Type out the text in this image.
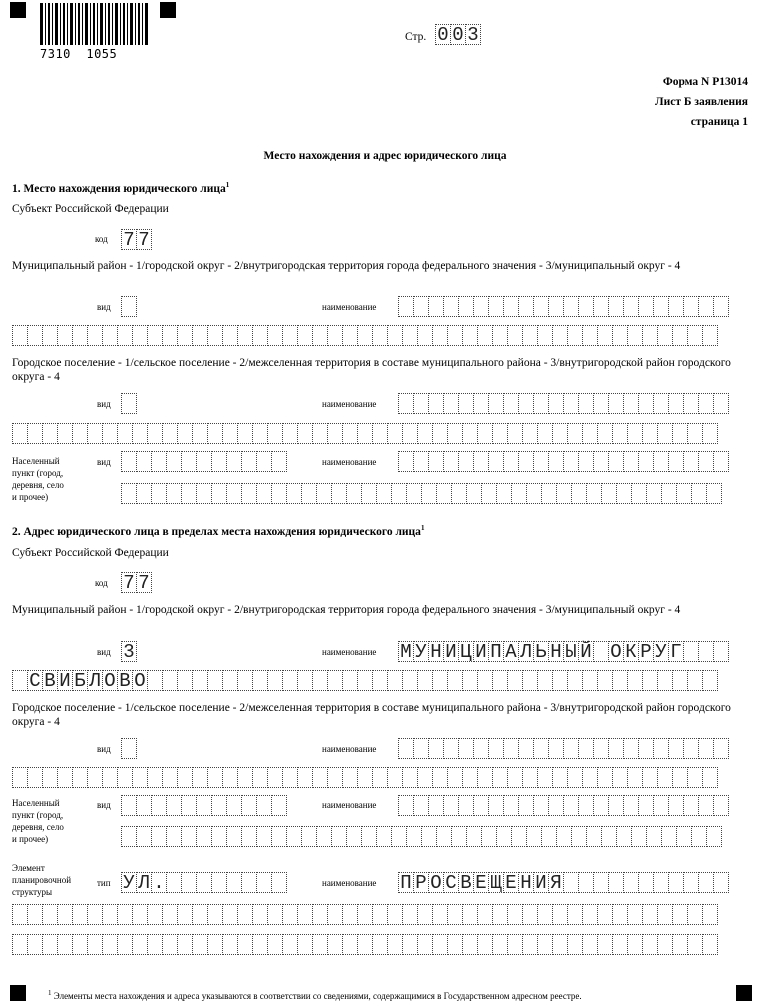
7310  1055
Стр. 0 0 3
Форма N Р13014
Лист Б заявления
страница 1
Место нахождения и адрес юридического лица
1. Место нахождения юридического лица$^1$
Субъект Российской Федерации
код 7 7
Муниципальный район - 1/городской округ - 2/внутригородская территория города федерального значения - 3/муниципальный округ - 4
вид	наименование
Городское поселение - 1/сельское поселение - 2/межселенная территория в составе муниципального района - 3/внутригородской район городского округа - 4
вид	наименование
Населенный
пункт (город,
деревня, село
и прочее)
вид	наименование
2. Адрес юридического лица в пределах места нахождения юридического лица$^1$
Субъект Российской Федерации
код 7 7
Муниципальный район - 1/городской округ - 2/внутригородская территория города федерального значения - 3/муниципальный округ - 4
вид 3	наименование М У Н И Ц И П А Л Ь Н Ы Й О К Р У Г
С В И Б Л О В О
Городское поселение - 1/сельское поселение - 2/межселенная территория в составе муниципального района - 3/внутригородской район городского округа - 4
вид	наименование
Населенный
пункт (город,
деревня, село
и прочее)
вид	наименование
Элемент
планировочной
структуры
тип У Л .	наименование П Р О С В Е Щ Е Н И Я
$^1$ Элементы места нахождения и адреса указываются в соответствии со сведениями, содержащимися в Государственном адресном реестре.
